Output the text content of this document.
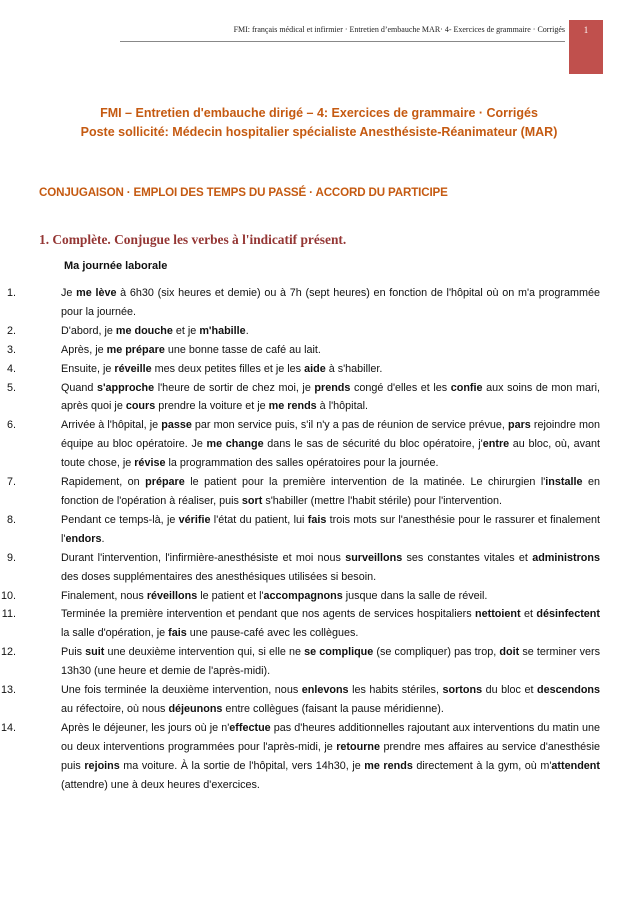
FMI: français médical et infirmier · Entretien d’embauche MAR· 4- Exercices de grammaire · Corrigés	1
FMI – Entretien d'embauche dirigé – 4: Exercices de grammaire · Corrigés
Poste sollicité: Médecin hospitalier spécialiste Anesthésiste-Réanimateur (MAR)
CONJUGAISON · EMPLOI DES TEMPS DU PASSÉ · ACCORD DU PARTICIPE
1. Complète. Conjugue les verbes à l'indicatif présent.
Ma journée laborale
1.	Je me lève à 6h30 (six heures et demie) ou à 7h (sept heures) en fonction de l'hôpital où on m'a programmée pour la journée.
2.	D'abord, je me douche et je m'habille.
3.	Après, je me prépare une bonne tasse de café au lait.
4.	Ensuite, je réveille mes deux petites filles et je les aide à s'habiller.
5.	Quand s'approche l'heure de sortir de chez moi, je prends congé d'elles et les confie aux soins de mon mari, après quoi je cours prendre la voiture et je me rends à l'hôpital.
6.	Arrivée à l'hôpital, je passe par mon service puis, s'il n'y a pas de réunion de service prévue, pars rejoindre mon équipe au bloc opératoire. Je me change dans le sas de sécurité du bloc opératoire, j'entre au bloc, où, avant toute chose, je révise la programmation des salles opératoires pour la journée.
7.	Rapidement, on prépare le patient pour la première intervention de la matinée. Le chirurgien l'installe en fonction de l'opération à réaliser, puis sort s'habiller (mettre l'habit stérile) pour l'intervention.
8.	Pendant ce temps-là, je vérifie l'état du patient, lui fais trois mots sur l'anesthésie pour le rassurer et finalement l'endors.
9.	Durant l'intervention, l'infirmière-anesthésiste et moi nous surveillons ses constantes vitales et administrons des doses supplémentaires des anesthésiques utilisées si besoin.
10.	Finalement, nous réveillons le patient et l'accompagnons jusque dans la salle de réveil.
11.	Terminée la première intervention et pendant que nos agents de services hospitaliers nettoient et désinfectent la salle d'opération, je fais une pause-café avec les collègues.
12.	Puis suit une deuxième intervention qui, si elle ne se complique (se compliquer) pas trop, doit se terminer vers 13h30 (une heure et demie de l'après-midi).
13.	Une fois terminée la deuxième intervention, nous enlevons les habits stériles, sortons du bloc et descendons au réfectoire, où nous déjeunons entre collègues (faisant la pause méridienne).
14.	Après le déjeuner, les jours où je n'effectue pas d'heures additionnelles rajoutant aux interventions du matin une ou deux interventions programmées pour l'après-midi, je retourne prendre mes affaires au service d'anesthésie puis rejoins ma voiture. À la sortie de l'hôpital, vers 14h30, je me rends directement à la gym, où m'attendent (attendre) une à deux heures d'exercices.
